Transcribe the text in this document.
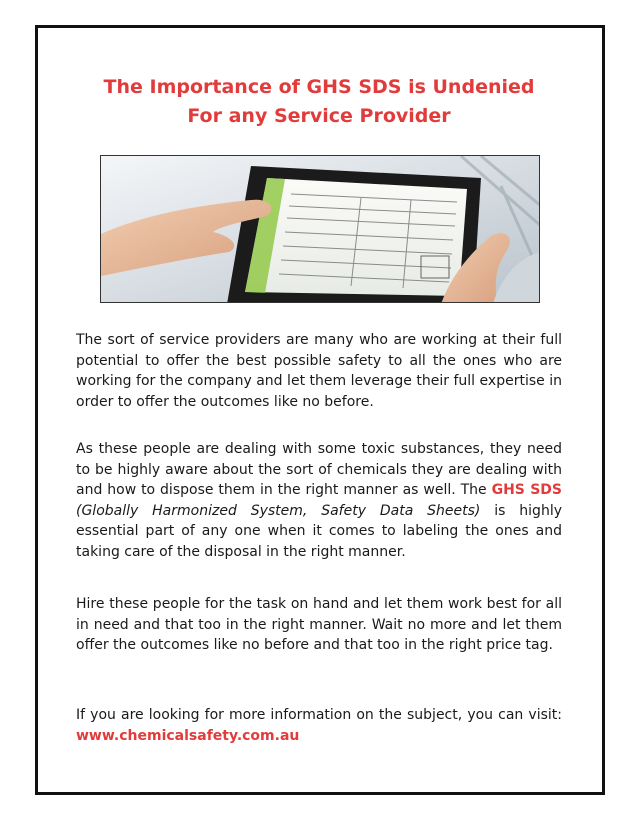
The Importance of GHS SDS is Undenied
For any Service Provider

The sort of service providers are many who are working at their full potential to offer the best possible safety to all the ones who are working for the company and let them leverage their full expertise in order to offer the outcomes like no before.

As these people are dealing with some toxic substances, they need to be highly aware about the sort of chemicals they are dealing with and how to dispose them in the right manner as well. The GHS SDS (Globally Harmonized System, Safety Data Sheets) is highly essential part of any one when it comes to labeling the ones and taking care of the disposal in the right manner.

Hire these people for the task on hand and let them work best for all in need and that too in the right manner. Wait no more and let them offer the outcomes like no before and that too in the right price tag.

If you are looking for more information on the subject, you can visit: www.chemicalsafety.com.au
